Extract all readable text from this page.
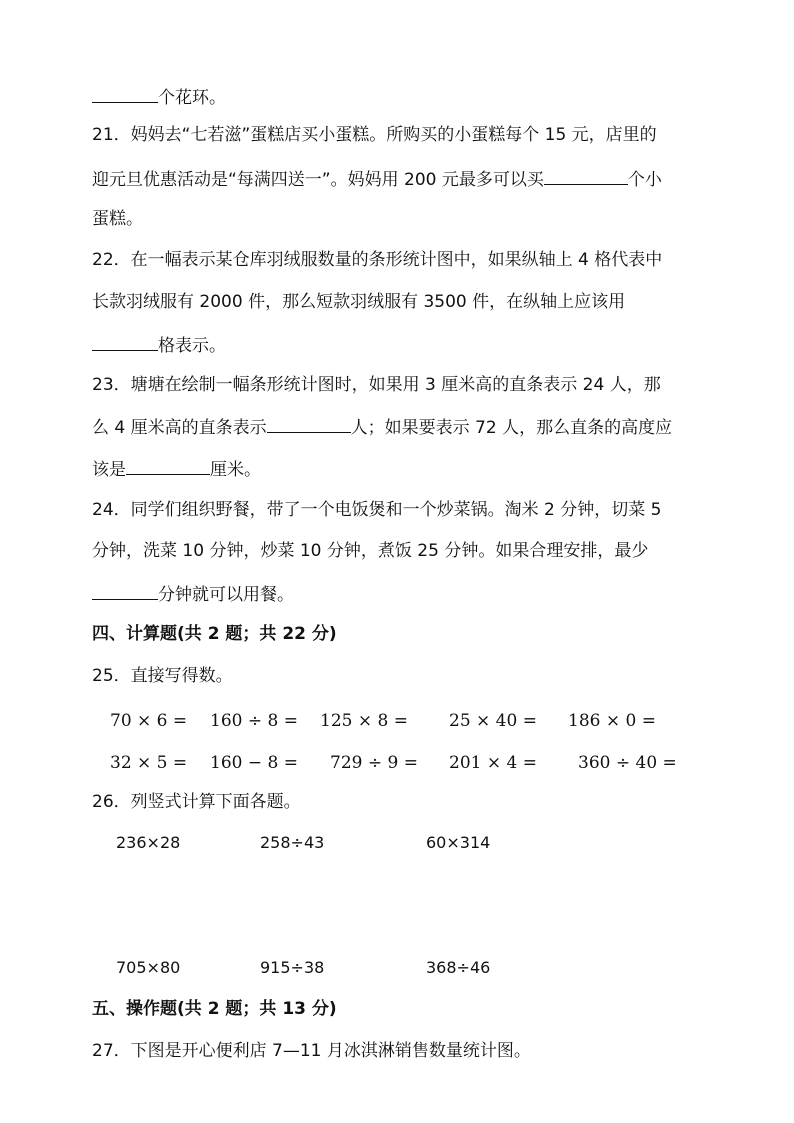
个花环。
21．妈妈去“七若滋”蛋糕店买小蛋糕。所购买的小蛋糕每个 15 元，店里的
迎元旦优惠活动是“每满四送一”。妈妈用 200 元最多可以买	个小
蛋糕。
22．在一幅表示某仓库羽绒服数量的条形统计图中，如果纵轴上 4 格代表中
长款羽绒服有 2000 件，那么短款羽绒服有 3500 件，在纵轴上应该用
格表示。
23．塘塘在绘制一幅条形统计图时，如果用 3 厘米高的直条表示 24 人，那
么 4 厘米高的直条表示	人；如果要表示 72 人，那么直条的高度应
该是	厘米。
24．同学们组织野餐，带了一个电饭煲和一个炒菜锅。淘米 2 分钟，切菜 5
分钟，洗菜 10 分钟，炒菜 10 分钟，煮饭 25 分钟。如果合理安排，最少
分钟就可以用餐。
四、计算题(共 2 题；共 22 分)
25．直接写得数。
70 × 6 = 160 ÷ 8 = 125 × 8 = 25 × 40 = 186 × 0 =
32 × 5 = 160 − 8 = 729 ÷ 9 = 201 × 4 = 360 ÷ 40 =
26．列竖式计算下面各题。
236×28	258÷43	60×314
705×80	915÷38	368÷46
五、操作题(共 2 题；共 13 分)
27．下图是开心便利店 7—11 月冰淇淋销售数量统计图。
